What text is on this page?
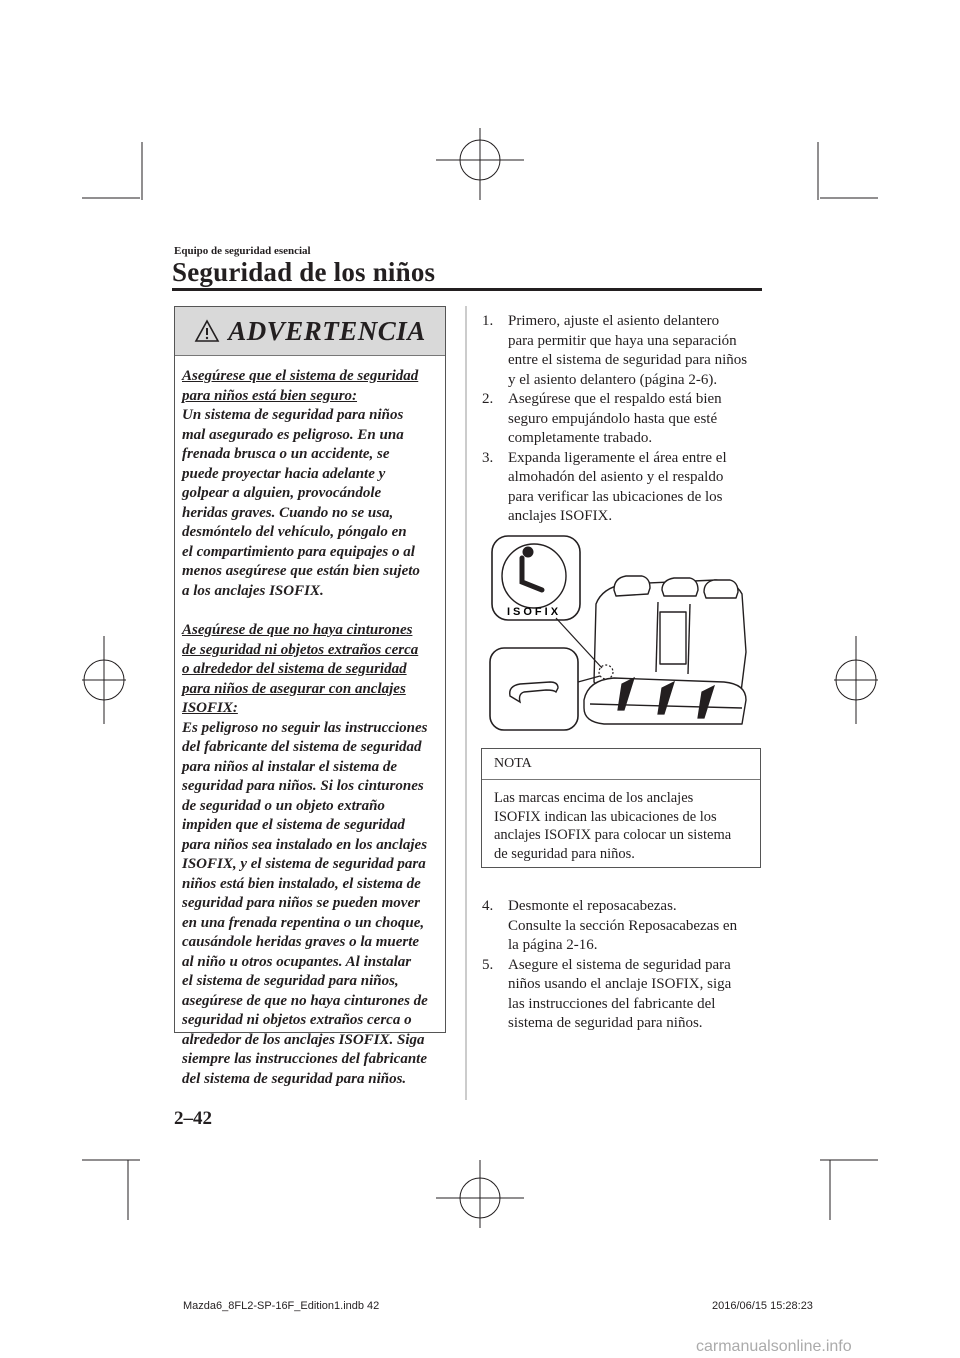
Equipo de seguridad esencial
Seguridad de los niños
ADVERTENCIA

Asegúrese que el sistema de seguridad

para niños está bien seguro:

Un sistema de seguridad para niños

mal asegurado es peligroso. En una

frenada brusca o un accidente, se

puede proyectar hacia adelante y

golpear a alguien, provocándole

heridas graves. Cuando no se usa,

desmóntelo del vehículo, póngalo en

el compartimiento para equipajes o al

menos asegúrese que están bien sujeto

a los anclajes ISOFIX.

Asegúrese de que no haya cinturones

de seguridad ni objetos extraños cerca

o alrededor del sistema de seguridad

para niños de asegurar con anclajes

ISOFIX:

Es peligroso no seguir las instrucciones

del fabricante del sistema de seguridad

para niños al instalar el sistema de

seguridad para niños. Si los cinturones

de seguridad o un objeto extraño

impiden que el sistema de seguridad

para niños sea instalado en los anclajes

ISOFIX, y el sistema de seguridad para

niños está bien instalado, el sistema de

seguridad para niños se pueden mover

en una frenada repentina o un choque,

causándole heridas graves o la muerte

al niño u otros ocupantes. Al instalar

el sistema de seguridad para niños,

asegúrese de que no haya cinturones de

seguridad ni objetos extraños cerca o

alrededor de los anclajes ISOFIX. Siga

siempre las instrucciones del fabricante

del sistema de seguridad para niños.

1. Primero, ajuste el asiento delantero
para permitir que haya una separación
entre el sistema de seguridad para niños
y el asiento delantero (página 2-6).
2. Asegúrese que el respaldo está bien
seguro empujándolo hasta que esté
completamente trabado.
3. Expanda ligeramente el área entre el
almohadón del asiento y el respaldo
para verificar las ubicaciones de los
anclajes ISOFIX.
ISOFIX
NOTA
Las marcas encima de los anclajes
ISOFIX indican las ubicaciones de los
anclajes ISOFIX para colocar un sistema
de seguridad para niños.
4. Desmonte el reposacabezas.
Consulte la sección Reposacabezas en
la página 2-16.
5. Asegure el sistema de seguridad para
niños usando el anclaje ISOFIX, siga
las instrucciones del fabricante del
sistema de seguridad para niños.
2–42
Mazda6_8FL2-SP-16F_Edition1.indb 42	2016/06/15 15:28:23
carmanualsonline.info
